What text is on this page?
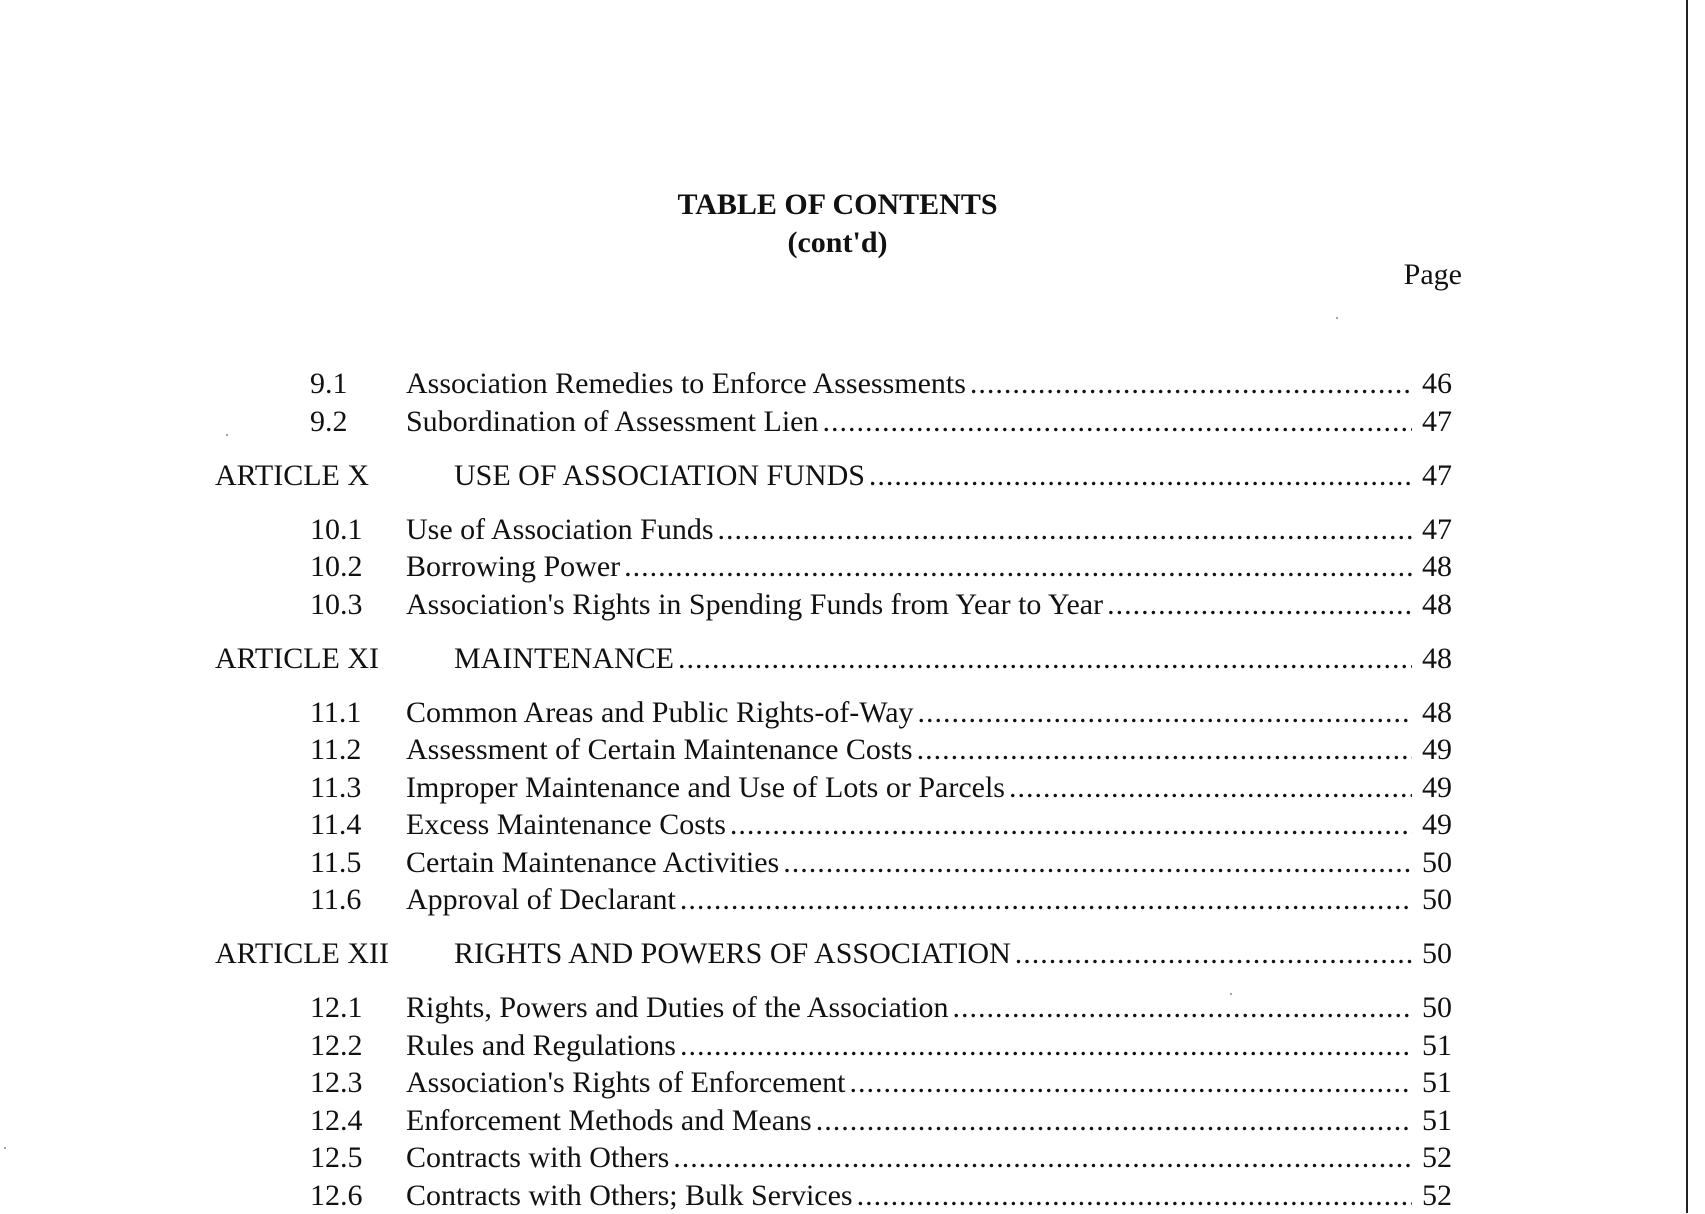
TABLE OF CONTENTS
(cont'd)
Page
9.1 Association Remedies to Enforce Assessments .....	46
9.2 Subordination of Assessment Lien .....	47
ARTICLE X	USE OF ASSOCIATION FUNDS .....	47
10.1 Use of Association Funds .....	47
10.2 Borrowing Power .....	48
10.3 Association's Rights in Spending Funds from Year to Year .....	48
ARTICLE XI MAINTENANCE .....	48
11.1 Common Areas and Public Rights-of-Way .....	48
11.2 Assessment of Certain Maintenance Costs .....	49
11.3 Improper Maintenance and Use of Lots or Parcels .....	49
11.4 Excess Maintenance Costs .....	49
11.5 Certain Maintenance Activities .....	50
11.6 Approval of Declarant .....	50
ARTICLE XII RIGHTS AND POWERS OF ASSOCIATION .....	50
12.1 Rights, Powers and Duties of the Association .....	50
12.2 Rules and Regulations .....	51
12.3 Association's Rights of Enforcement .....	51
12.4 Enforcement Methods and Means .....	51
12.5 Contracts with Others .....	52
12.6 Contracts with Others; Bulk Services .....	52
